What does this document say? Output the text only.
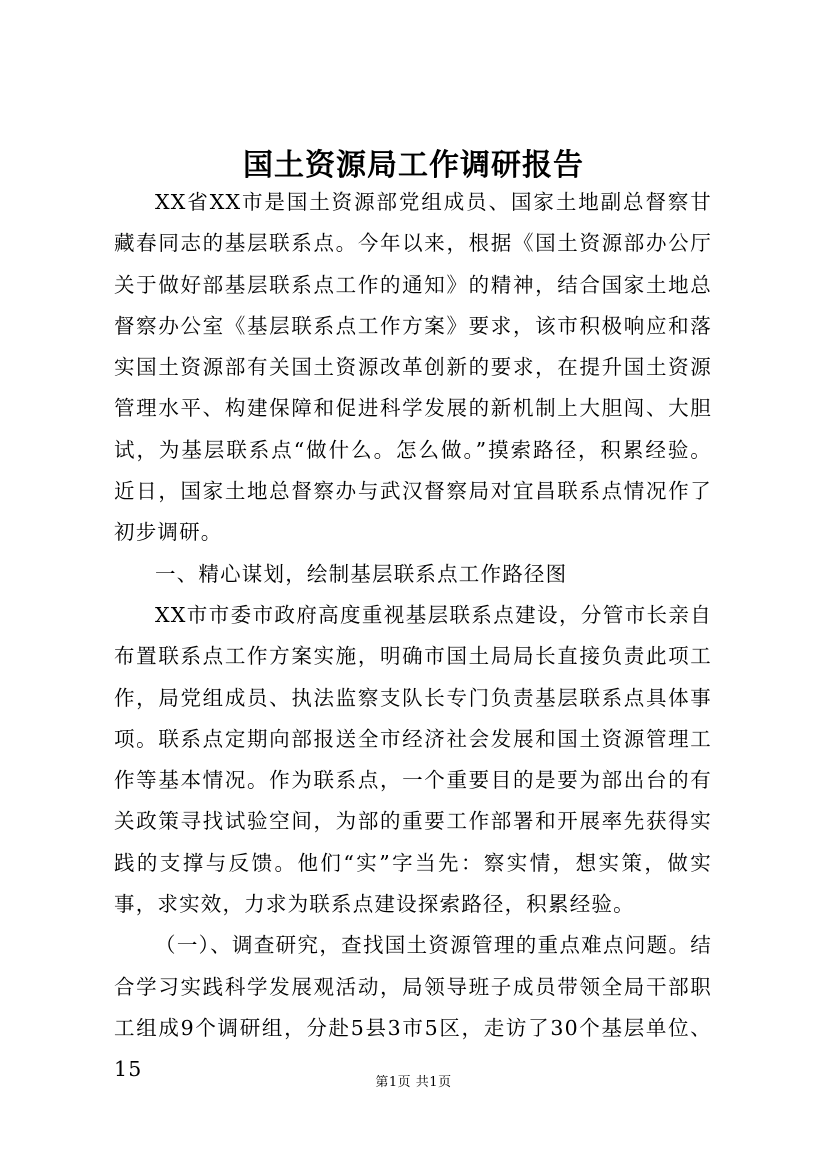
国土资源局工作调研报告

XX省XX市是国土资源部党组成员、国家土地副总督察甘藏春同志的基层联系点。今年以来，根据《国土资源部办公厅关于做好部基层联系点工作的通知》的精神，结合国家土地总督察办公室《基层联系点工作方案》要求，该市积极响应和落实国土资源部有关国土资源改革创新的要求，在提升国土资源管理水平、构建保障和促进科学发展的新机制上大胆闯、大胆试，为基层联系点“做什么。怎么做。”摸索路径，积累经验。近日，国家土地总督察办与武汉督察局对宜昌联系点情况作了初步调研。

一、精心谋划，绘制基层联系点工作路径图

XX市市委市政府高度重视基层联系点建设，分管市长亲自布置联系点工作方案实施，明确市国土局局长直接负责此项工作，局党组成员、执法监察支队长专门负责基层联系点具体事项。联系点定期向部报送全市经济社会发展和国土资源管理工作等基本情况。作为联系点，一个重要目的是要为部出台的有关政策寻找试验空间，为部的重要工作部署和开展率先获得实践的支撑与反馈。他们“实”字当先：察实情，想实策，做实事，求实效，力求为联系点建设探索路径，积累经验。

（一）、调查研究，查找国土资源管理的重点难点问题。结合学习实践科学发展观活动，局领导班子成员带领全局干部职工组成9个调研组，分赴5县3市5区，走访了30个基层单位、15

第1页 共1页
